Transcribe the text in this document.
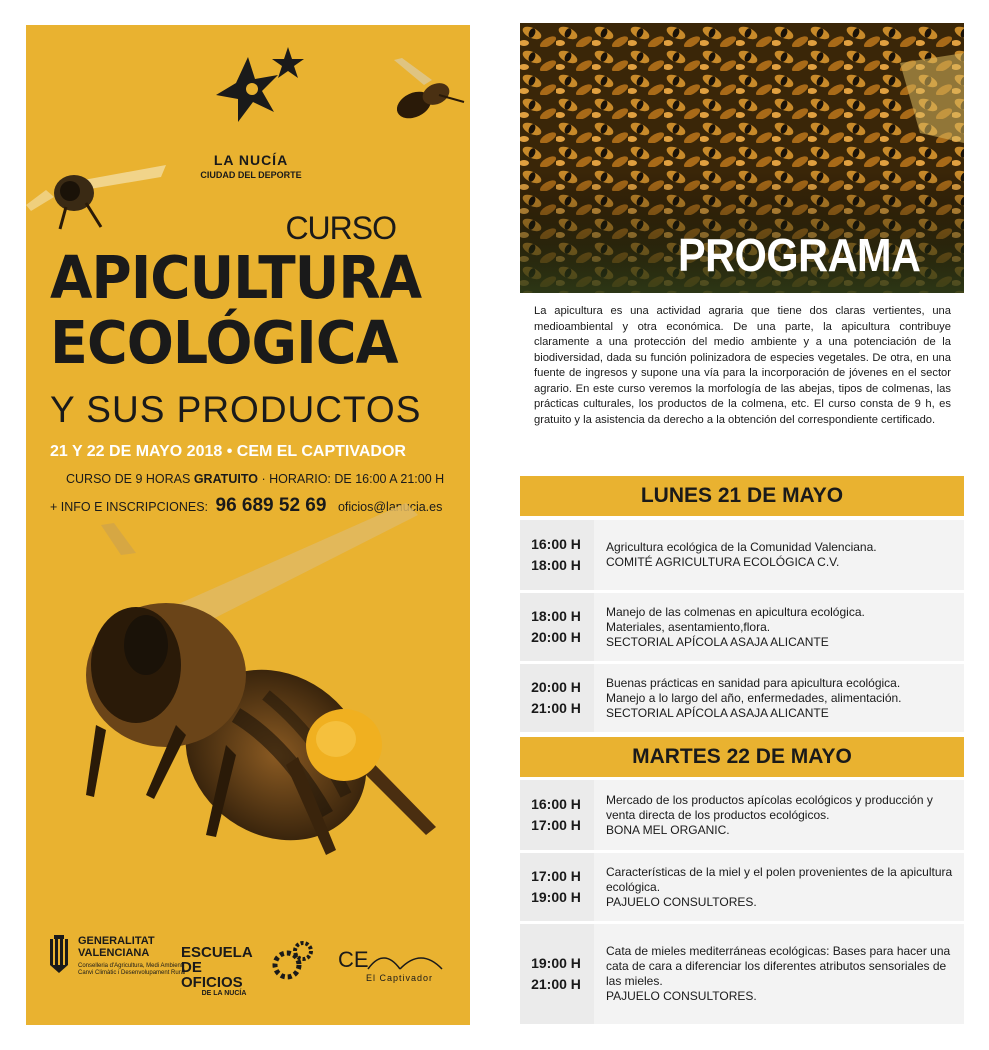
LA NUCÍA
CIUDAD DEL DEPORTE
CURSO
APICULTURA
ECOLÓGICA
Y SUS PRODUCTOS
21 Y 22 DE MAYO 2018 • CEM EL CAPTIVADOR
CURSO DE 9 HORAS GRATUITO · HORARIO: DE 16:00 A 21:00 H
+ INFO E INSCRIPCIONES: 96 689 52 69 oficios@lanucia.es
GENERALITAT VALENCIANA
Conselleria d'Agricultura, Medi Ambient, Canvi Climàtic i Desenvolupament Rural
ESCUELA DE OFICIOS
DE LA NUCÍA
CE
El Captivador
PROGRAMA
La apicultura es una actividad agraria que tiene dos claras vertientes, una medioambiental y otra económica. De una parte, la apicultura contribuye claramente a una protección del medio ambiente y a una potenciación de la biodiversidad, dada su función polinizadora de especies vegetales. De otra, en una fuente de ingresos y supone una vía para la incorporación de jóvenes en el sector agrario. En este curso veremos la morfología de las abejas, tipos de colmenas, las prácticas culturales, los productos de la colmena, etc. El curso consta de 9 h, es gratuito y la asistencia da derecho a la obtención del correspondiente certificado.
LUNES 21 DE MAYO
16:00 H
18:00 H
Agricultura ecológica de la Comunidad Valenciana.
COMITÉ AGRICULTURA ECOLÓGICA C.V.
18:00 H
20:00 H
Manejo de las colmenas en apicultura ecológica.
Materiales, asentamiento,flora.
SECTORIAL APÍCOLA ASAJA ALICANTE
20:00 H
21:00 H
Buenas prácticas en sanidad para apicultura ecológica.
Manejo a lo largo del año, enfermedades, alimentación.
SECTORIAL APÍCOLA ASAJA ALICANTE
MARTES 22 DE MAYO
16:00 H
17:00 H
Mercado de los productos apícolas ecológicos y producción y
venta directa de los productos ecológicos.
BONA MEL ORGANIC.
17:00 H
19:00 H
Características de la miel y el polen provenientes de la apicultura
ecológica.
PAJUELO CONSULTORES.
19:00 H
21:00 H
Cata de mieles mediterráneas ecológicas: Bases para hacer una
cata de cara a diferenciar los diferentes atributos sensoriales de
las mieles.
PAJUELO CONSULTORES.
